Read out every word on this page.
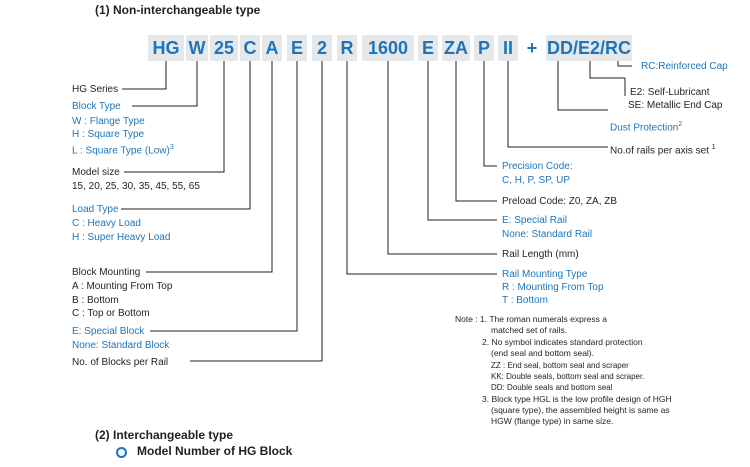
(1) Non-interchangeable type
HG W 25 C A E 2 R 1600 E ZA P II + DD/E2/RC
HG Series
Block Type
W : Flange Type
H : Square Type
L : Square Type (Low)$^3$
Model size
15, 20, 25, 30, 35, 45, 55, 65
Load Type
C : Heavy Load
H : Super Heavy Load
Block Mounting
A : Mounting From Top
B : Bottom
C : Top or Bottom
E: Special Block
None: Standard Block
No. of Blocks per Rail
RC:Reinforced Cap
E2: Self-Lubricant
SE: Metallic End Cap
Dust Protection$^2$
No.of rails per axis set $^1$
Precision Code:
C, H, P, SP, UP
Preload Code: Z0, ZA, ZB
E: Special Rail
None: Standard Rail
Rail Length (mm)
Rail Mounting Type
R : Mounting From Top
T : Bottom
Note : 1. The roman numerals express a
matched set of rails.
2. No symbol indicates standard protection
(end seal and bottom seal).
ZZ : End seal, bottom seal and scraper
KK: Double seals, bottom seal and scraper.
DD: Double seals and bottom seal
3. Block type HGL is the low profile design of HGH
(square type), the assembled height is same as
HGW (flange type) in same size.
(2) Interchangeable type
Model Number of HG Block
